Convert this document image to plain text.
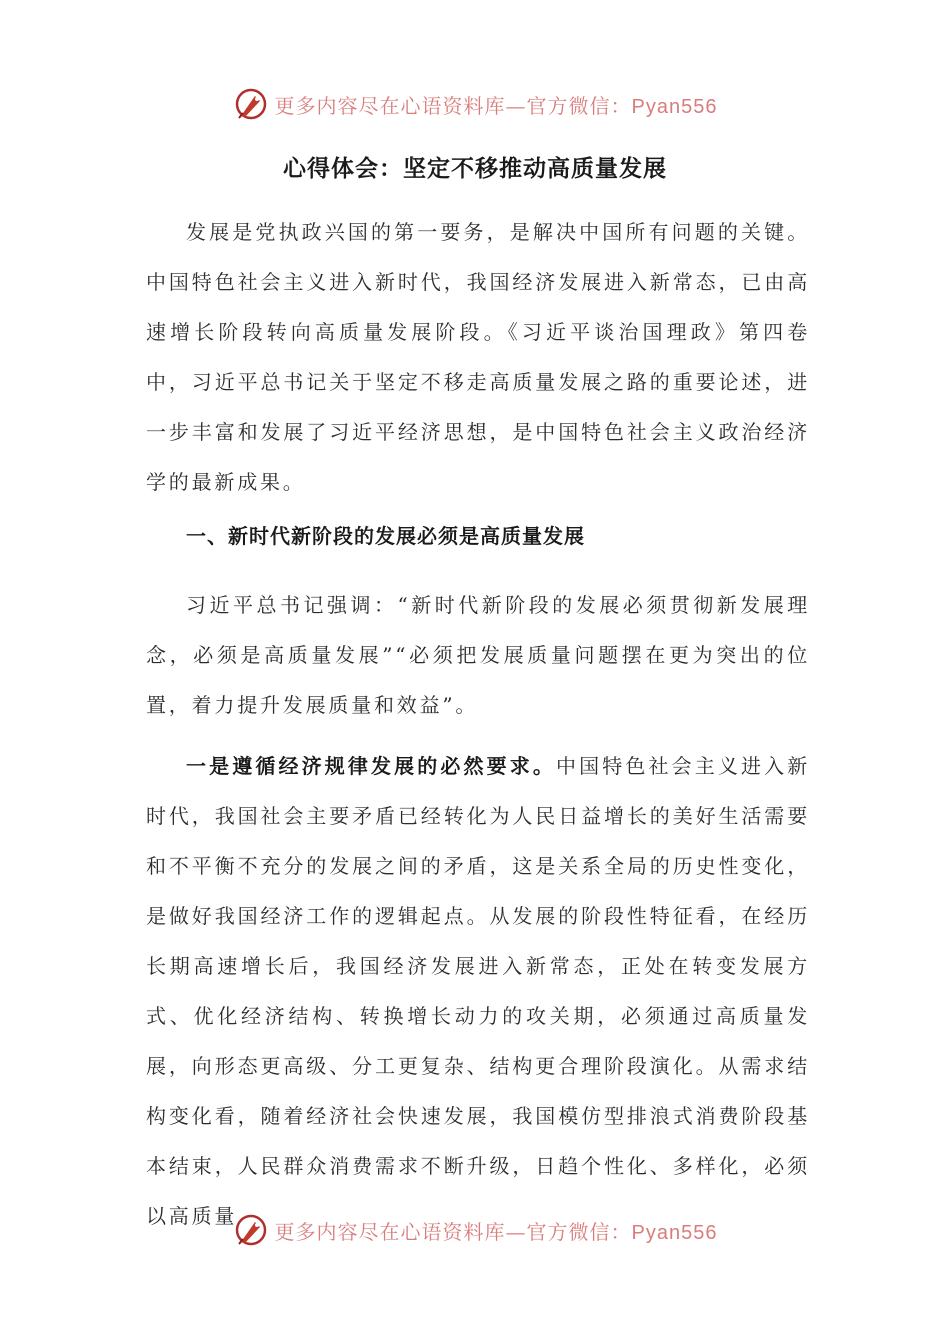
更多内容尽在心语资料库—官方微信：Pyan556
心得体会：坚定不移推动高质量发展

发展是党执政兴国的第一要务，是解决中国所有问题的关键。中国特色社会主义进入新时代，我国经济发展进入新常态，已由高速增长阶段转向高质量发展阶段。《习近平谈治国理政》第四卷中，习近平总书记关于坚定不移走高质量发展之路的重要论述，进一步丰富和发展了习近平经济思想，是中国特色社会主义政治经济学的最新成果。

一、新时代新阶段的发展必须是高质量发展

习近平总书记强调：“新时代新阶段的发展必须贯彻新发展理念，必须是高质量发展”“必须把发展质量问题摆在更为突出的位置，着力提升发展质量和效益”。

一是遵循经济规律发展的必然要求。中国特色社会主义进入新时代，我国社会主要矛盾已经转化为人民日益增长的美好生活需要和不平衡不充分的发展之间的矛盾，这是关系全局的历史性变化，是做好我国经济工作的逻辑起点。从发展的阶段性特征看，在经历长期高速增长后，我国经济发展进入新常态，正处在转变发展方式、优化经济结构、转换增长动力的攻关期，必须通过高质量发展，向形态更高级、分工更复杂、结构更合理阶段演化。从需求结构变化看，随着经济社会快速发展，我国模仿型排浪式消费阶段基本结束，人民群众消费需求不断升级，日趋个性化、多样化，必须以高质量

更多内容尽在心语资料库—官方微信：Pyan556
